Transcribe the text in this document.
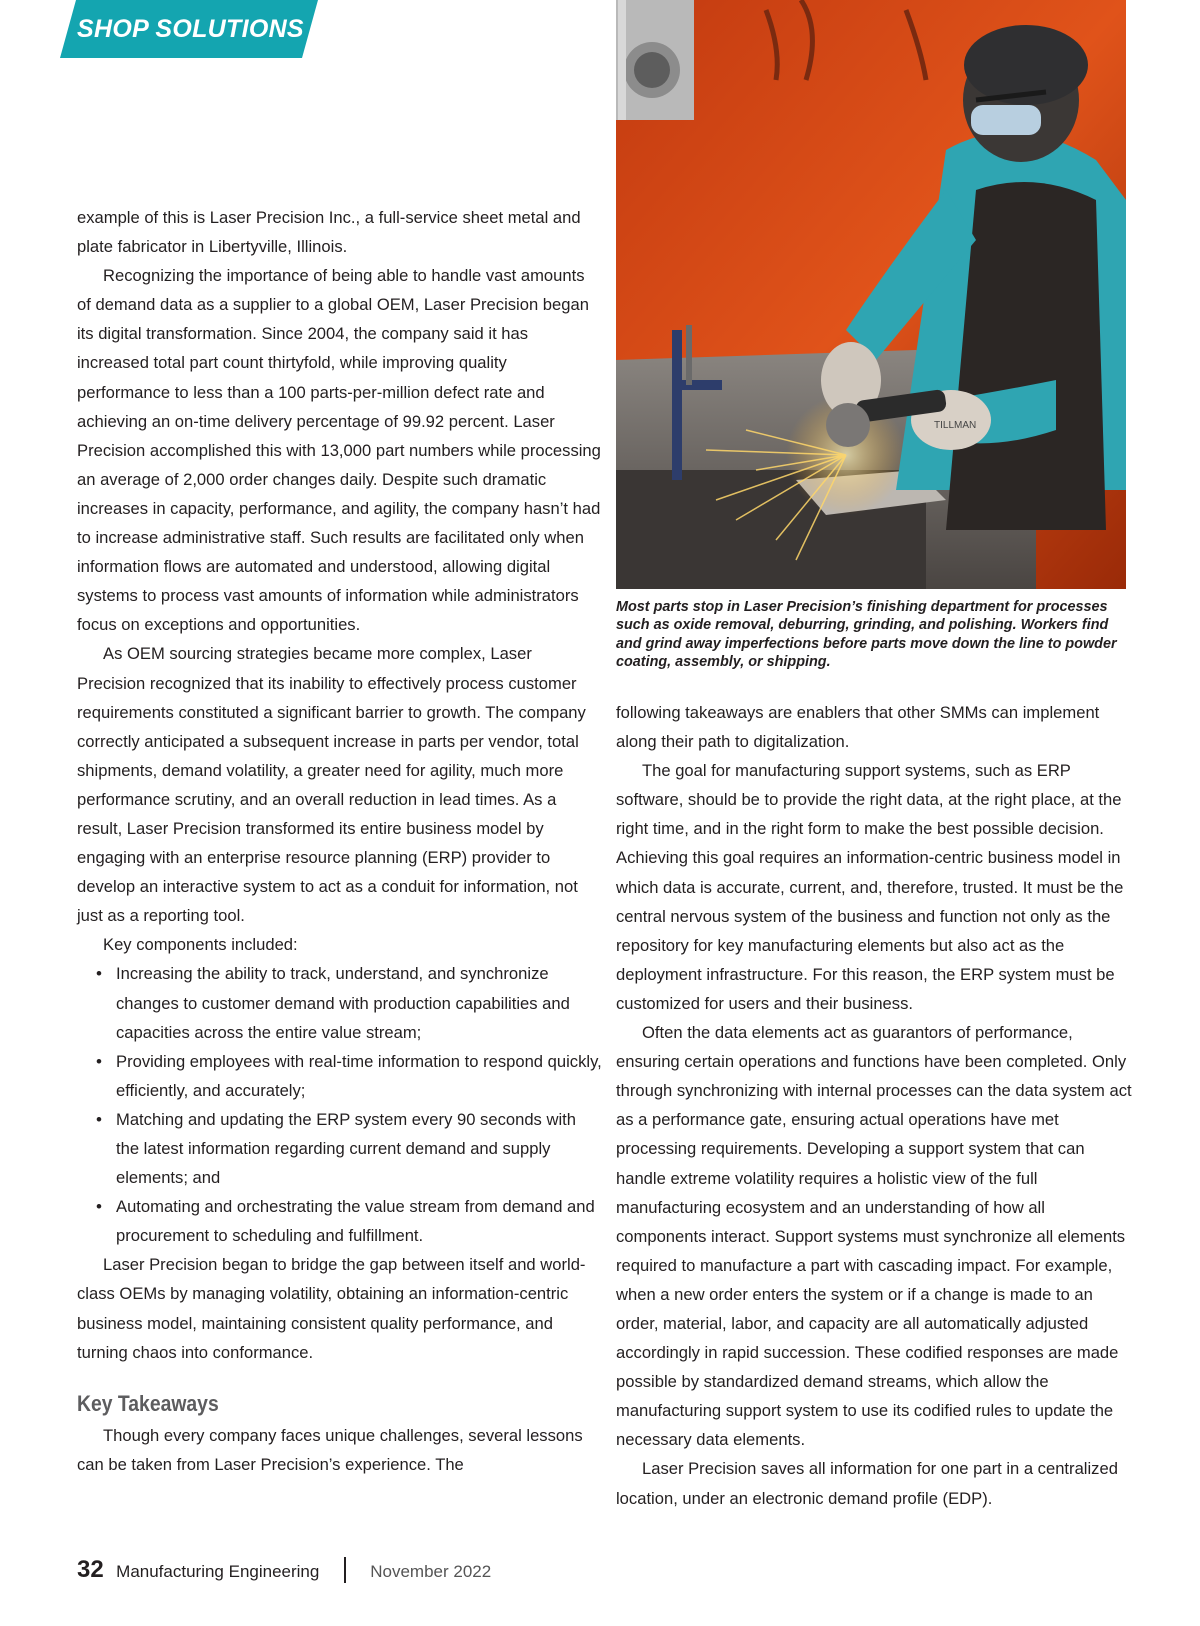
SHOP SOLUTIONS
TILLMAN
Most parts stop in Laser Precision’s finishing department for processes such as oxide removal, deburring, grinding, and polishing. Workers find and grind away imperfections before parts move down the line to powder coating, assembly, or shipping.

example of this is Laser Precision Inc., a full-service sheet metal and plate fabricator in Libertyville, Illinois.

Recognizing the importance of being able to handle vast amounts of demand data as a supplier to a global OEM, Laser Precision began its digital transformation. Since 2004, the company said it has increased total part count thirtyfold, while improving quality performance to less than a 100 parts-per-million defect rate and achieving an on-time delivery percentage of 99.92 percent. Laser Precision accomplished this with 13,000 part numbers while processing an average of 2,000 order changes daily. Despite such dramatic increases in capacity, performance, and agility, the company hasn’t had to increase administrative staff. Such results are facilitated only when information flows are automated and understood, allowing digital systems to process vast amounts of information while administrators focus on exceptions and opportunities.

As OEM sourcing strategies became more complex, Laser Precision recognized that its inability to effectively process customer requirements constituted a significant barrier to growth. The company correctly anticipated a subsequent increase in parts per vendor, total shipments, demand volatility, a greater need for agility, much more performance scrutiny, and an overall reduction in lead times. As a result, Laser Precision transformed its entire business model by engaging with an enterprise resource planning (ERP) provider to develop an interactive system to act as a conduit for information, not just as a reporting tool.

Key components included:

• Increasing the ability to track, understand, and synchronize changes to customer demand with production capabilities and capacities across the entire value stream;
• Providing employees with real-time information to respond quickly, efficiently, and accurately;
• Matching and updating the ERP system every 90 seconds with the latest information regarding current demand and supply elements; and
• Automating and orchestrating the value stream from demand and procurement to scheduling and fulfillment.

Laser Precision began to bridge the gap between itself and world-class OEMs by managing volatility, obtaining an information-centric business model, maintaining consistent quality performance, and turning chaos into conformance.

Key Takeaways

Though every company faces unique challenges, several lessons can be taken from Laser Precision’s experience. The

following takeaways are enablers that other SMMs can implement along their path to digitalization.

The goal for manufacturing support systems, such as ERP software, should be to provide the right data, at the right place, at the right time, and in the right form to make the best possible decision. Achieving this goal requires an information-centric business model in which data is accurate, current, and, therefore, trusted. It must be the central nervous system of the business and function not only as the repository for key manufacturing elements but also act as the deployment infrastructure. For this reason, the ERP system must be customized for users and their business.

Often the data elements act as guarantors of performance, ensuring certain operations and functions have been completed. Only through synchronizing with internal processes can the data system act as a performance gate, ensuring actual operations have met processing requirements. Developing a support system that can handle extreme volatility requires a holistic view of the full manufacturing ecosystem and an understanding of how all components interact. Support systems must synchronize all elements required to manufacture a part with cascading impact. For example, when a new order enters the system or if a change is made to an order, material, labor, and capacity are all automatically adjusted accordingly in rapid succession. These codified responses are made possible by standardized demand streams, which allow the manufacturing support system to use its codified rules to update the necessary data elements.

Laser Precision saves all information for one part in a centralized location, under an electronic demand profile (EDP).

32 Manufacturing Engineering	November 2022
